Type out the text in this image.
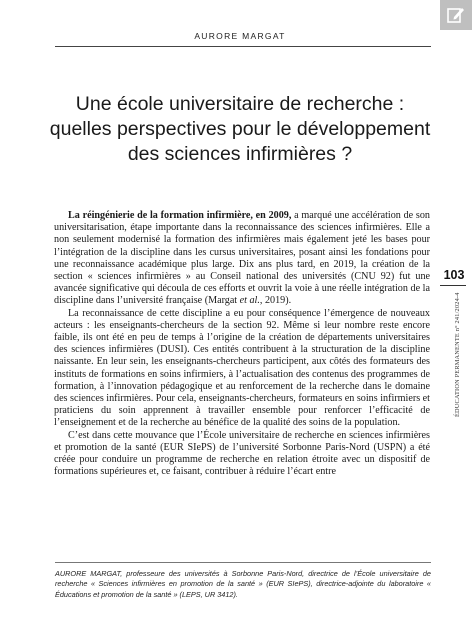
AURORE MARGAT
Une école universitaire de recherche :
quelles perspectives pour le développement
des sciences infirmières ?

La réingénierie de la formation infirmière, en 2009, a marqué une accélération de son universitarisation, étape importante dans la reconnaissance des sciences infirmières. Elle a non seulement modernisé la formation des infirmières mais également jeté les bases pour l’intégration de la discipline dans les cursus universitaires, posant ainsi les fondations pour une reconnaissance académique plus large. Dix ans plus tard, en 2019, la création de la section « sciences infirmières » au Conseil national des universités (CNU 92) fut une avancée significative qui découla de ces efforts et ouvrit la voie à une réelle intégration de la discipline dans l’université française (Margat et al., 2019).

La reconnaissance de cette discipline a eu pour conséquence l’émergence de nouveaux acteurs : les enseignants-chercheurs de la section 92. Même si leur nombre reste encore faible, ils ont été en peu de temps à l’origine de la création de départements universitaires des sciences infirmières (DUSI). Ces entités contribuent à la structuration de la discipline naissante. En leur sein, les enseignants-chercheurs participent, aux côtés des formateurs des instituts de formations en soins infirmiers, à l’actualisation des contenus des programmes de formation, à l’innovation pédagogique et au renforcement de la recherche dans le domaine des sciences infirmières. Pour cela, enseignants-chercheurs, formateurs en soins infirmiers et praticiens du soin apprennent à travailler ensemble pour renforcer l’efficacité de l’enseignement et de la recherche au bénéfice de la qualité des soins de la population.

C’est dans cette mouvance que l’École universitaire de recherche en sciences infirmières et promotion de la santé (EUR SIePS) de l’université Sorbonne Paris-Nord (USPN) a été créée pour conduire un programme de recherche en relation étroite avec un dispositif de formations supérieures et, ce faisant, contribuer à réduire l’écart entre

103
ÉDUCATION PERMANENTE n° 241/2024-4
AURORE MARGAT, professeure des universités à Sorbonne Paris-Nord, directrice de l’École universitaire de recherche « Sciences infirmières en promotion de la santé » (EUR SIePS), directrice-adjointe du laboratoire « Éducations et promotion de la santé » (LEPS, UR 3412).
